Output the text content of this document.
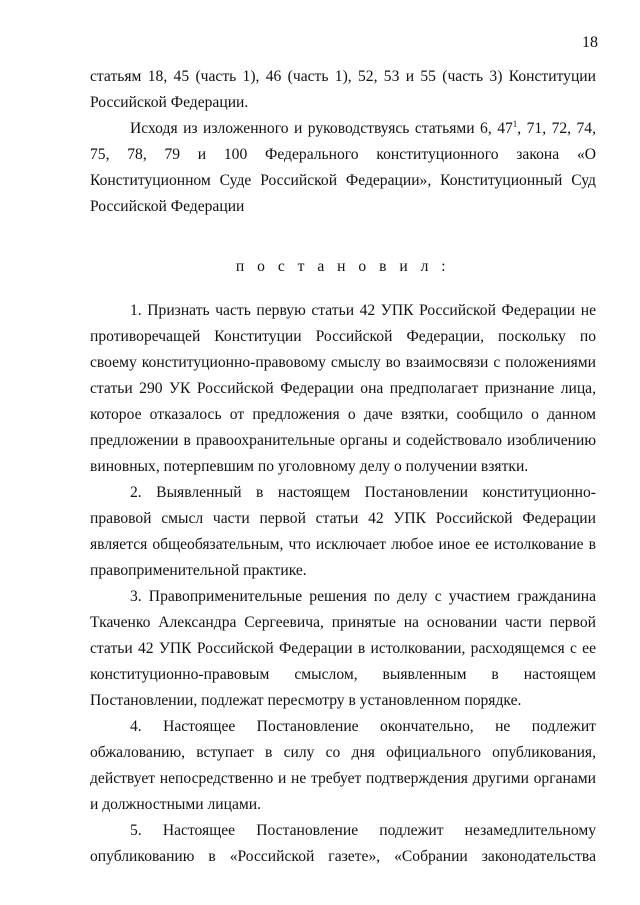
18

статьям 18, 45 (часть 1), 46 (часть 1), 52, 53 и 55 (часть 3) Конституции Российской Федерации.

Исходя из изложенного и руководствуясь статьями 6, $47^1$, 71, 72, 74, 75, 78, 79 и 100 Федерального конституционного закона «О Конституционном Суде Российской Федерации», Конституционный Суд Российской Федерации

п о с т а н о в и л :

1. Признать часть первую статьи 42 УПК Российской Федерации не противоречащей Конституции Российской Федерации, поскольку по своему конституционно-правовому смыслу во взаимосвязи с положениями статьи 290 УК Российской Федерации она предполагает признание лица, которое отказалось от предложения о даче взятки, сообщило о данном предложении в правоохранительные органы и содействовало изобличению виновных, потерпевшим по уголовному делу о получении взятки.

2. Выявленный в настоящем Постановлении конституционно-правовой смысл части первой статьи 42 УПК Российской Федерации является общеобязательным, что исключает любое иное ее истолкование в правоприменительной практике.

3. Правоприменительные решения по делу с участием гражданина Ткаченко Александра Сергеевича, принятые на основании части первой статьи 42 УПК Российской Федерации в истолковании, расходящемся с ее конституционно-правовым смыслом, выявленным в настоящем Постановлении, подлежат пересмотру в установленном порядке.

4. Настоящее Постановление окончательно, не подлежит обжалованию, вступает в силу со дня официального опубликования, действует непосредственно и не требует подтверждения другими органами и должностными лицами.

5. Настоящее Постановление подлежит незамедлительному опубликованию в «Российской газете», «Собрании законодательства
